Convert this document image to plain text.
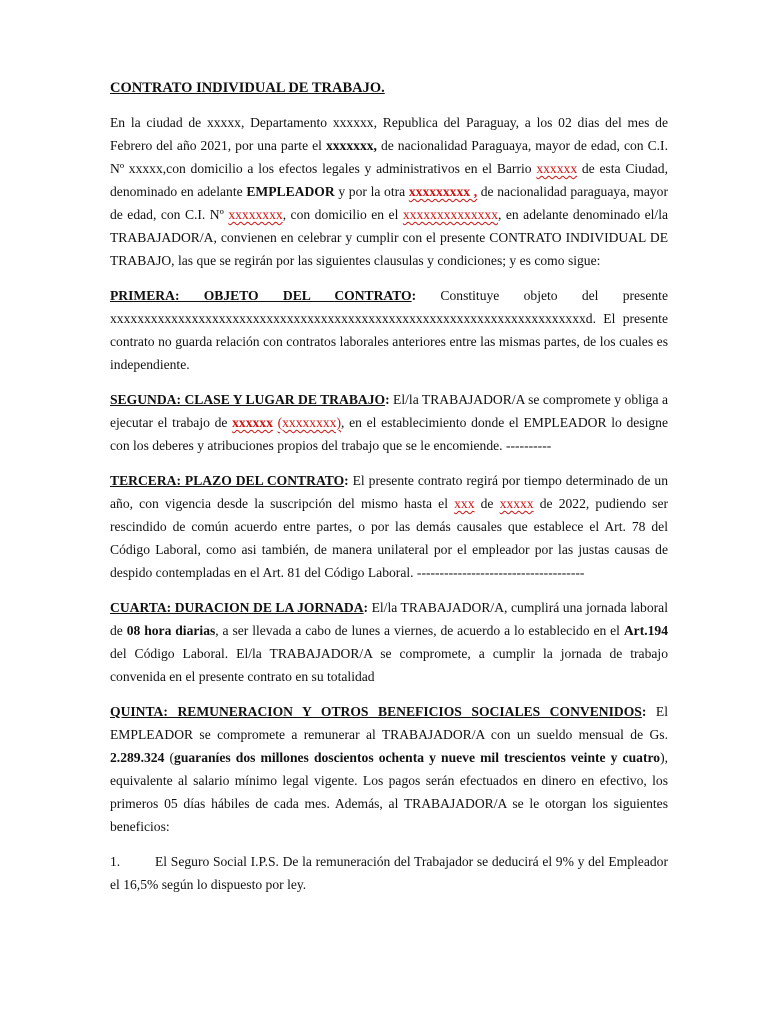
CONTRATO INDIVIDUAL DE TRABAJO.

En la ciudad de xxxxx, Departamento xxxxxx, Republica del Paraguay, a los 02 dias del mes de Febrero del año 2021, por una parte el xxxxxxx, de nacionalidad Paraguaya, mayor de edad, con C.I. Nº xxxxx,con domicilio a los efectos legales y administrativos en el Barrio xxxxxx de esta Ciudad, denominado en adelante EMPLEADOR y por la otra xxxxxxxxx , de nacionalidad paraguaya, mayor de edad, con C.I. Nº xxxxxxxx, con domicilio en el xxxxxxxxxxxxxx, en adelante denominado el/la TRABAJADOR/A, convienen en celebrar y cumplir con el presente CONTRATO INDIVIDUAL DE TRABAJO, las que se regirán por las siguientes clausulas y condiciones; y es como sigue:

PRIMERA: OBJETO DEL CONTRATO: Constituye objeto del presente xxxxxxxxxxxxxxxxxxxxxxxxxxxxxxxxxxxxxxxxxxxxxxxxxxxxxxxxxxxxxxxxxxxxxxd. El presente contrato no guarda relación con contratos laborales anteriores entre las mismas partes, de los cuales es independiente.

SEGUNDA: CLASE Y LUGAR DE TRABAJO: El/la TRABAJADOR/A se compromete y obliga a ejecutar el trabajo de xxxxxx (xxxxxxxx), en el establecimiento donde el EMPLEADOR lo designe con los deberes y atribuciones propios del trabajo que se le encomiende. ----------

TERCERA: PLAZO DEL CONTRATO: El presente contrato regirá por tiempo determinado de un año, con vigencia desde la suscripción del mismo hasta el xxx de xxxxx de 2022, pudiendo ser rescindido de común acuerdo entre partes, o por las demás causales que establece el Art. 78 del Código Laboral, como asi también, de manera unilateral por el empleador por las justas causas de despido contempladas en el Art. 81 del Código Laboral. -------------------------------------

CUARTA: DURACION DE LA JORNADA: El/la TRABAJADOR/A, cumplirá una jornada laboral de 08 hora diarias, a ser llevada a cabo de lunes a viernes, de acuerdo a lo establecido en el Art.194 del Código Laboral. El/la TRABAJADOR/A se compromete, a cumplir la jornada de trabajo convenida en el presente contrato en su totalidad

QUINTA: REMUNERACION Y OTROS BENEFICIOS SOCIALES CONVENIDOS: El EMPLEADOR se compromete a remunerar al TRABAJADOR/A con un sueldo mensual de Gs. 2.289.324 (guaraníes dos millones doscientos ochenta y nueve mil trescientos veinte y cuatro), equivalente al salario mínimo legal vigente. Los pagos serán efectuados en dinero en efectivo, los primeros 05 días hábiles de cada mes. Además, al TRABAJADOR/A se le otorgan los siguientes beneficios:

1.	El Seguro Social I.P.S. De la remuneración del Trabajador se deducirá el 9% y del Empleador el 16,5% según lo dispuesto por ley.
